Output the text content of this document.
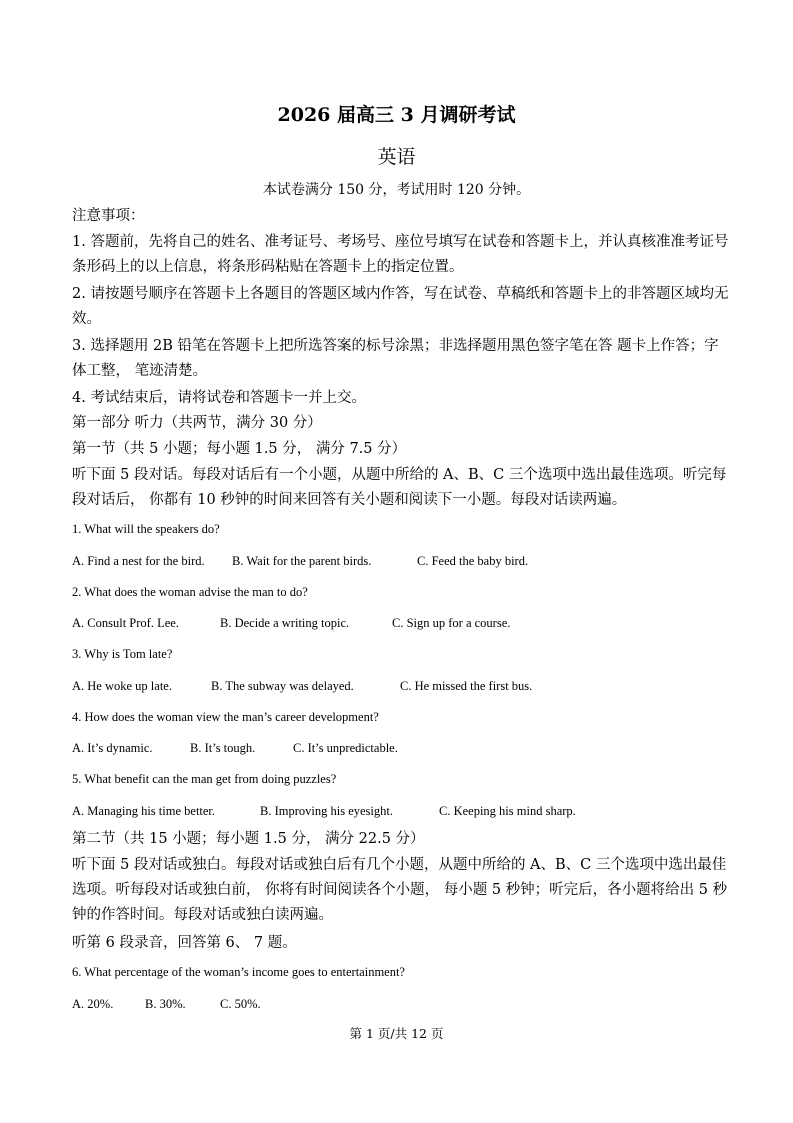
2026 届高三 3 月调研考试
英语
本试卷满分 150 分，考试用时 120 分钟。
注意事项：
1. 答题前，先将自己的姓名、准考证号、考场号、座位号填写在试卷和答题卡上，并认真核准准考证号条形码上的以上信息，将条形码粘贴在答题卡上的指定位置。
2. 请按题号顺序在答题卡上各题目的答题区域内作答，写在试卷、草稿纸和答题卡上的非答题区域均无效。
3. 选择题用 2B 铅笔在答题卡上把所选答案的标号涂黑；非选择题用黑色签字笔在答 题卡上作答；字体工整， 笔迹清楚。
4. 考试结束后，请将试卷和答题卡一并上交。
第一部分 听力（共两节，满分 30 分）
第一节（共 5 小题；每小题 1.5 分， 满分 7.5 分）
听下面 5 段对话。每段对话后有一个小题，从题中所给的 A、B、C 三个选项中选出最佳选项。听完每段对话后， 你都有 10 秒钟的时间来回答有关小题和阅读下一小题。每段对话读两遍。
1. What will the speakers do?
A. Find a nest for the bird. B. Wait for the parent birds.	C. Feed the baby bird.
2. What does the woman advise the man to do?
A. Consult Prof. Lee.	B. Decide a writing topic.	C. Sign up for a course.
3. Why is Tom late?
A. He woke up late.	B. The subway was delayed.	C. He missed the first bus.
4. How does the woman view the man’s career development?
A. It’s dynamic.	B. It’s tough.	C. It’s unpredictable.
5. What benefit can the man get from doing puzzles?
A. Managing his time better.	B. Improving his eyesight.	C. Keeping his mind sharp.
第二节（共 15 小题；每小题 1.5 分， 满分 22.5 分）
听下面 5 段对话或独白。每段对话或独白后有几个小题，从题中所给的 A、B、C 三个选项中选出最佳选项。听每段对话或独白前， 你将有时间阅读各个小题， 每小题 5 秒钟；听完后，各小题将给出 5 秒钟的作答时间。每段对话或独白读两遍。
听第 6 段录音，回答第 6、 7 题。
6. What percentage of the woman’s income goes to entertainment?
A. 20%.	B. 30%.	C. 50%.
第 1 页/共 12 页
